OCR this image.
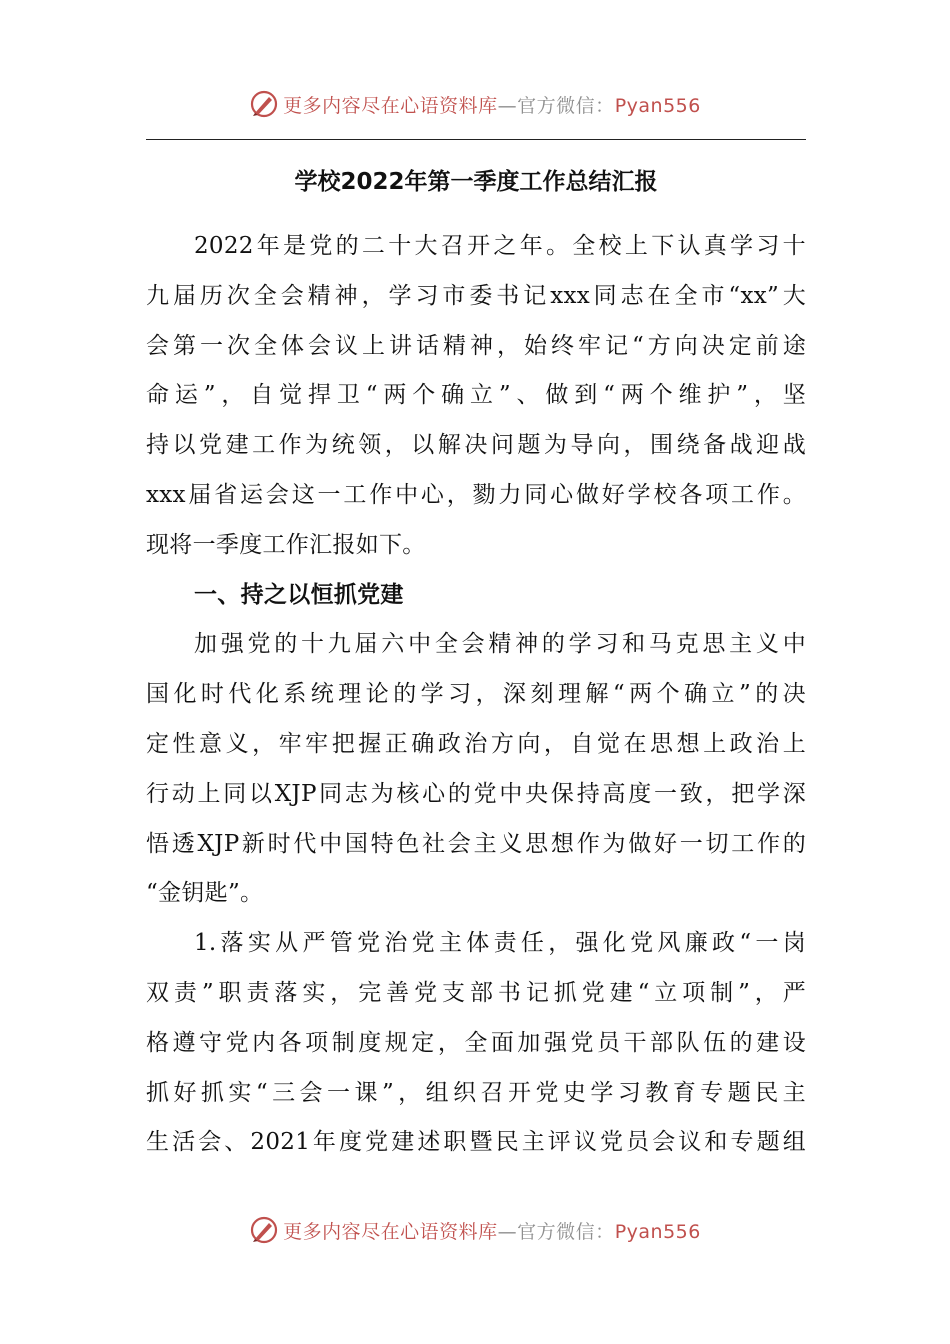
更多内容尽在心语资料库—官方微信：Pyan556
学校2022年第一季度工作总结汇报
2022年是党的二十大召开之年。全校上下认真学习十
九届历次全会精神，学习市委书记xxx同志在全市“xx”大
会第一次全体会议上讲话精神，始终牢记“方向决定前途
命运”，自觉捍卫“两个确立”、做到“两个维护”，坚
持以党建工作为统领，以解决问题为导向，围绕备战迎战
xxx届省运会这一工作中心，勠力同心做好学校各项工作。
现将一季度工作汇报如下。
一、持之以恒抓党建
加强党的十九届六中全会精神的学习和马克思主义中
国化时代化系统理论的学习，深刻理解“两个确立”的决
定性意义，牢牢把握正确政治方向，自觉在思想上政治上
行动上同以XJP同志为核心的党中央保持高度一致，把学深
悟透XJP新时代中国特色社会主义思想作为做好一切工作的
“金钥匙”。
1.落实从严管党治党主体责任，强化党风廉政“一岗
双责”职责落实，完善党支部书记抓党建“立项制”，严
格遵守党内各项制度规定，全面加强党员干部队伍的建设
抓好抓实“三会一课”，组织召开党史学习教育专题民主
生活会、2021年度党建述职暨民主评议党员会议和专题组
更多内容尽在心语资料库—官方微信：Pyan556
